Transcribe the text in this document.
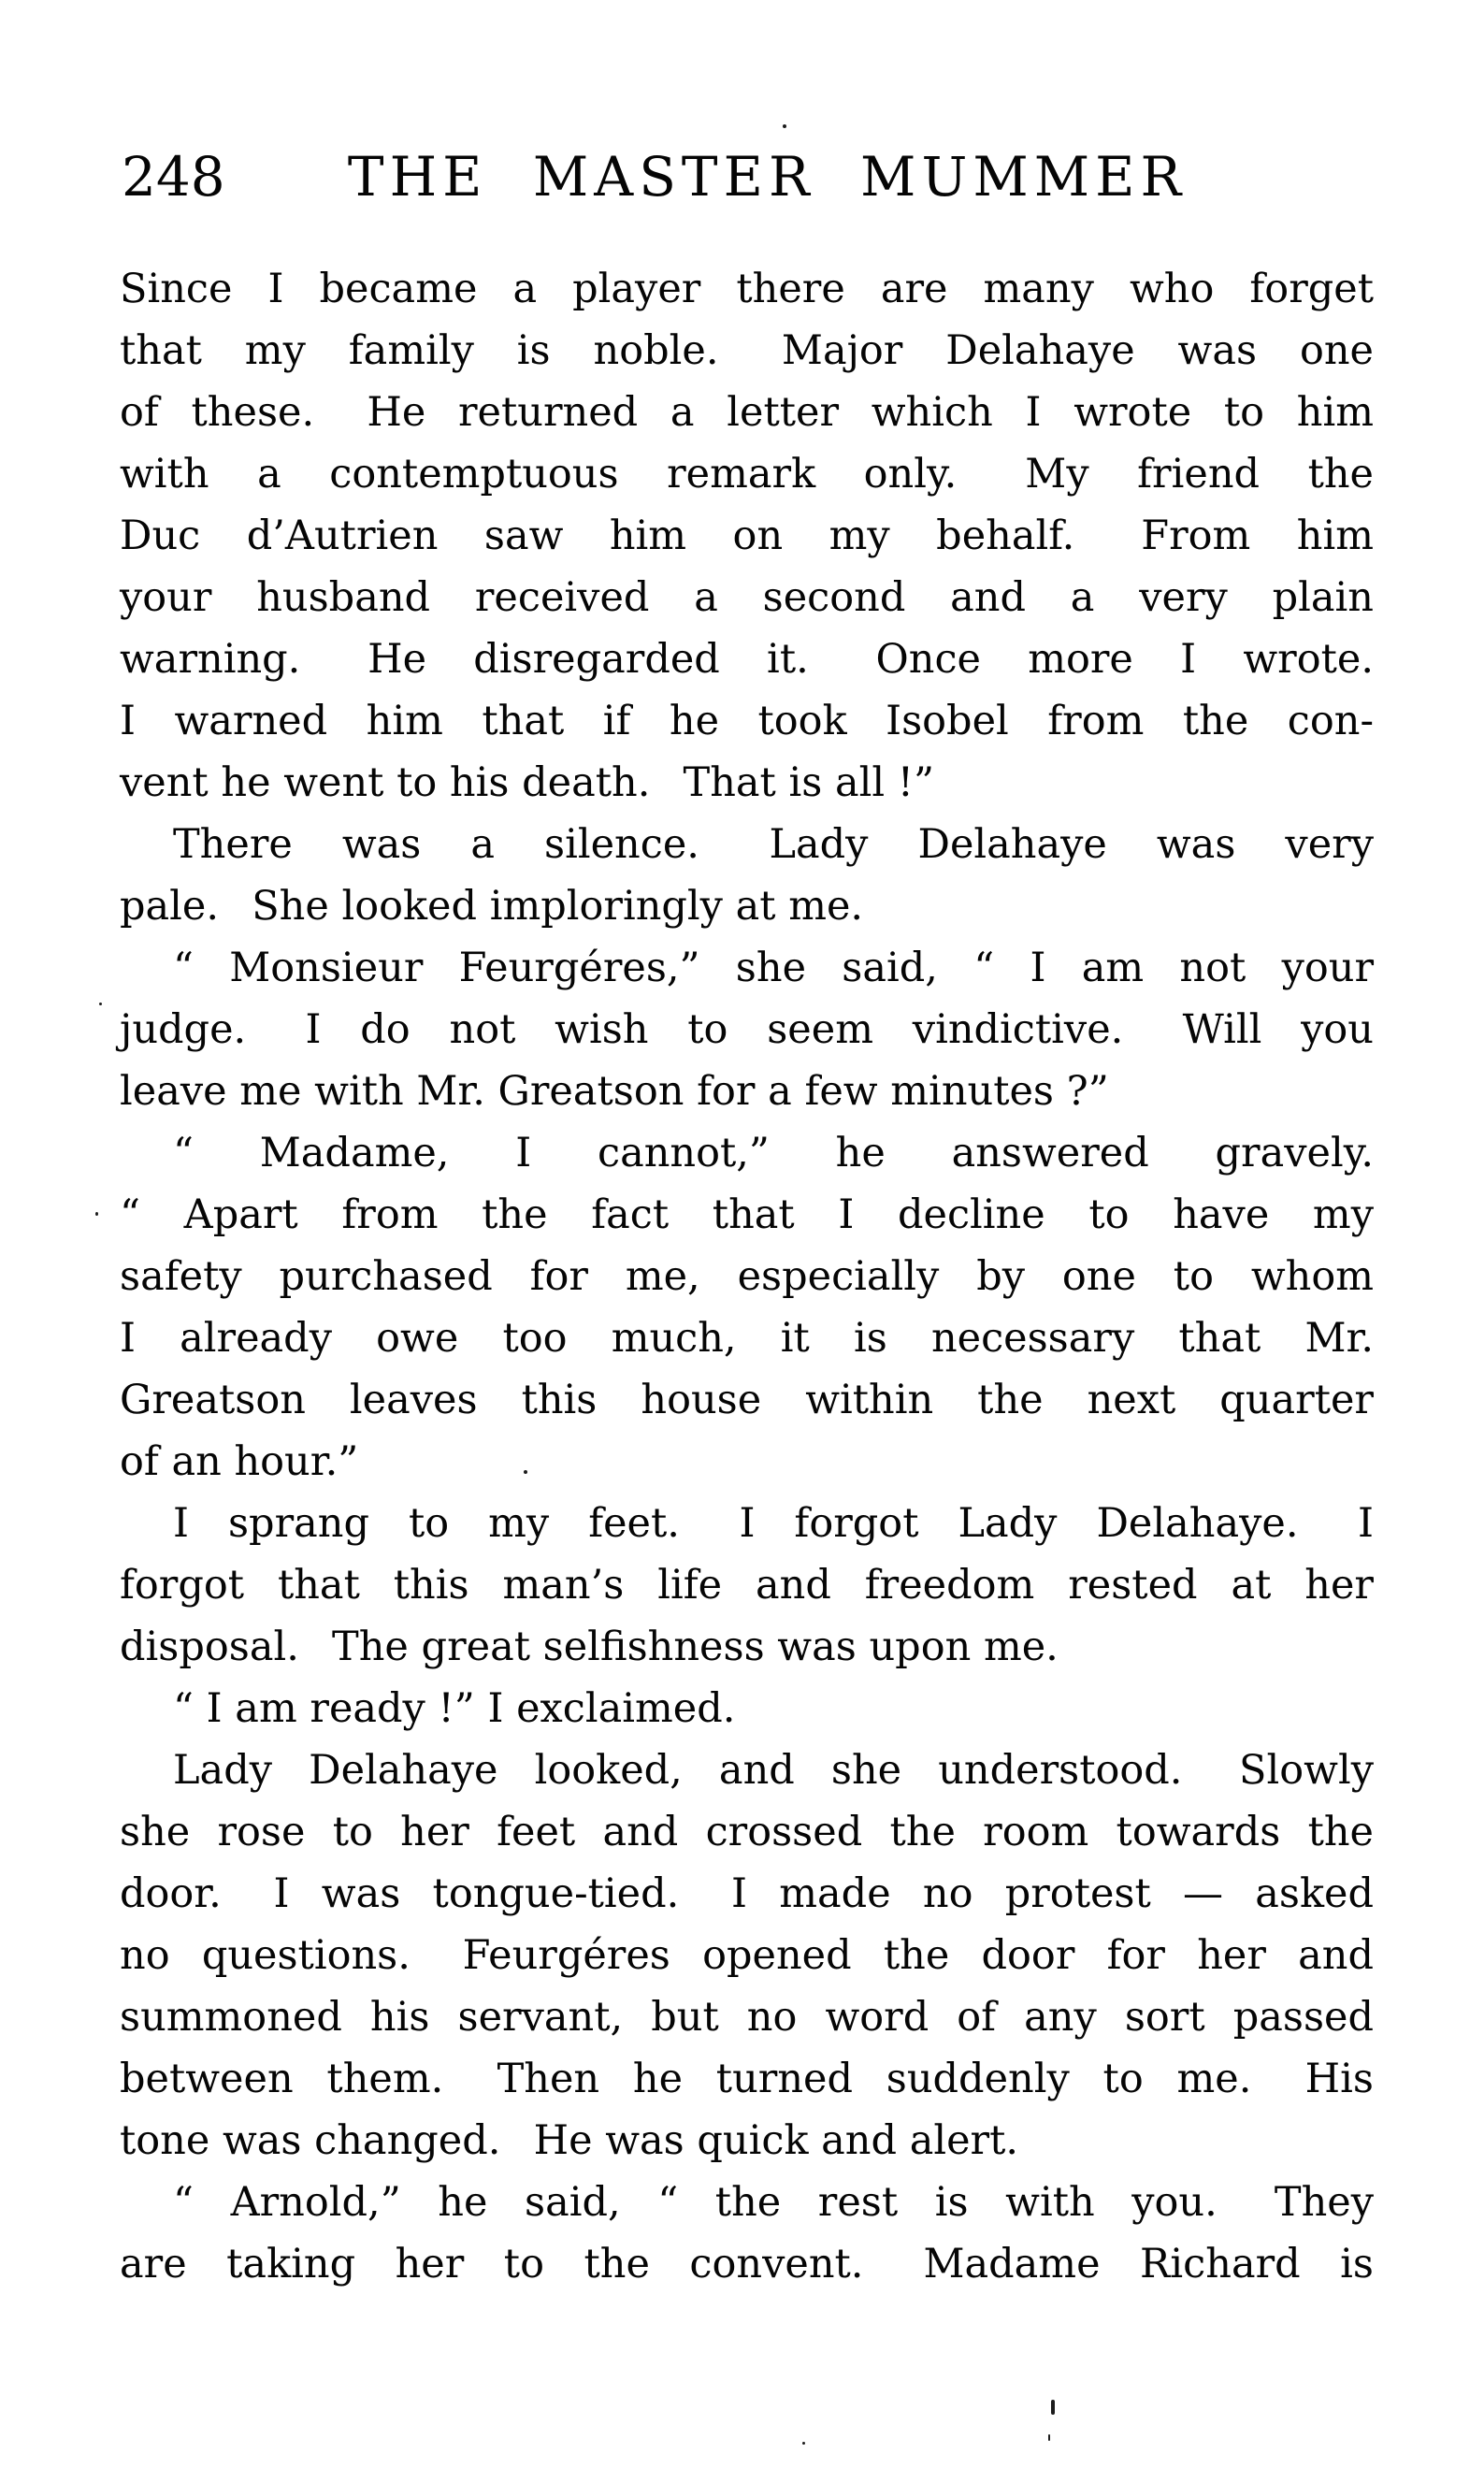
248 THE MASTER MUMMER
Since I became a player there are many who forget
that my family is noble.  Major Delahaye was one
of these.  He returned a letter which I wrote to him
with a contemptuous remark only.  My friend the
Duc d’Autrien saw him on my behalf.  From him
your husband received a second and a very plain
warning.  He disregarded it.  Once more I wrote.
I warned him that if he took Isobel from the con-
vent he went to his death.  That is all !”
There was a silence.  Lady Delahaye was very
pale.  She looked imploringly at me.
“ Monsieur Feurgéres,” she said, “ I am not your
judge.  I do not wish to seem vindictive.  Will you
leave me with Mr. Greatson for a few minutes ?”
“ Madame, I cannot,” he answered gravely.
“ Apart from the fact that I decline to have my
safety purchased for me, especially by one to whom
I already owe too much, it is necessary that Mr.
Greatson leaves this house within the next quarter
of an hour.”
I sprang to my feet.  I forgot Lady Delahaye.  I
forgot that this man’s life and freedom rested at her
disposal.  The great selfishness was upon me.
“ I am ready !” I exclaimed.
Lady Delahaye looked, and she understood.  Slowly
she rose to her feet and crossed the room towards the
door.  I was tongue-tied.  I made no protest — asked
no questions.  Feurgéres opened the door for her and
summoned his servant, but no word of any sort passed
between them.  Then he turned suddenly to me.  His
tone was changed.  He was quick and alert.
“ Arnold,” he said, “ the rest is with you.  They
are taking her to the convent.  Madame Richard is
